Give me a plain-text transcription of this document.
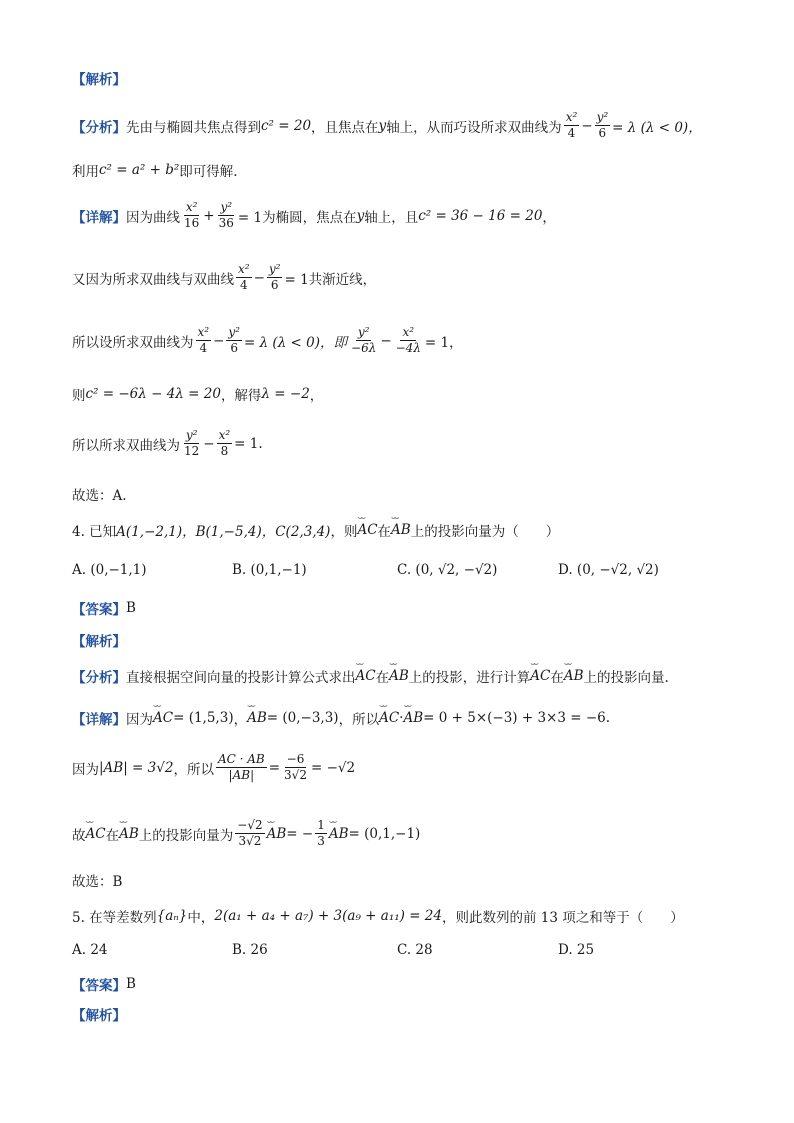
【解析】
【分析】 先由与椭圆共焦点得到 c² = 20 ，且焦点在 y 轴上，从而巧设所求双曲线为 $\frac{\text{x²}}{4} - \frac{\text{y²}}{6} = \lambda$ (λ < 0)，
利用 c² = a² + b² 即可得解.
【详解】 因为曲线 $\frac{\text{x²}}{16} + \frac{\text{y²}}{36} = 1$为椭圆，焦点在 y 轴上，且 c² = 36 − 16 = 20 ，
又因为所求双曲线与双曲线 $\frac{\text{x²}}{4} - \frac{\text{y²}}{6} = 1$共渐近线，
所以设所求双曲线为 $\frac{\text{x²}}{4} - \frac{\text{y²}}{6} = \lambda$ (λ < 0)，即 $\frac{\text{y²}}{-6\lambda} - \frac{\text{x²}}{-4\lambda} = 1$，
则 c² = −6λ − 4λ = 20 ，解得 λ = −2 ，
所以所求双曲线为 $\frac{\text{y²}}{12} - \frac{\text{x²}}{8} = 1$.
故选：A.
4. 已知 A(1,−2,1)，B(1,−5,4)，C(2,3,4) ，则 ⌣⌣ AC 在 ⌣⌣ AB 上的投影向量为（　　）
A. (0,−1,1)	B. (0,1,−1)	C. (0, √2, −√2)	D. (0, −√2, √2)
【答案】 B
【解析】
【分析】 直接根据空间向量的投影计算公式求出 ⌣⌣ AC 在 ⌣⌣ AB 上的投影，进行计算 ⌣⌣ AC 在 ⌣⌣ AB 上的投影向量.
【详解】 因为 ⌣⌣ AC = (1,5,3) ， ⌣⌣ AB = (0,−3,3) ，所以 ⌣⌣ AC · ⌣⌣ AB = 0 + 5×(−3) + 3×3 = −6 .
因为 |AB| = 3√2 ，所以 $\frac{AC \cdot AB}{|AB|} = \frac{-6}{3√2} = -√2$
故 ⌣⌣ AC 在 ⌣⌣ AB 上的投影向量为 $\frac{-√2}{3√2}$ ⌣⌣ AB = − $\frac{1}{3}$ ⌣⌣ AB = (0,1,−1)
故选：B
5. 在等差数列 {aₙ} 中， 2(a₁ + a₄ + a₇) + 3(a₉ + a₁₁) = 24 ，则此数列的前 13 项之和等于（　　）
A. 24	B. 26	C. 28	D. 25
【答案】 B
【解析】
